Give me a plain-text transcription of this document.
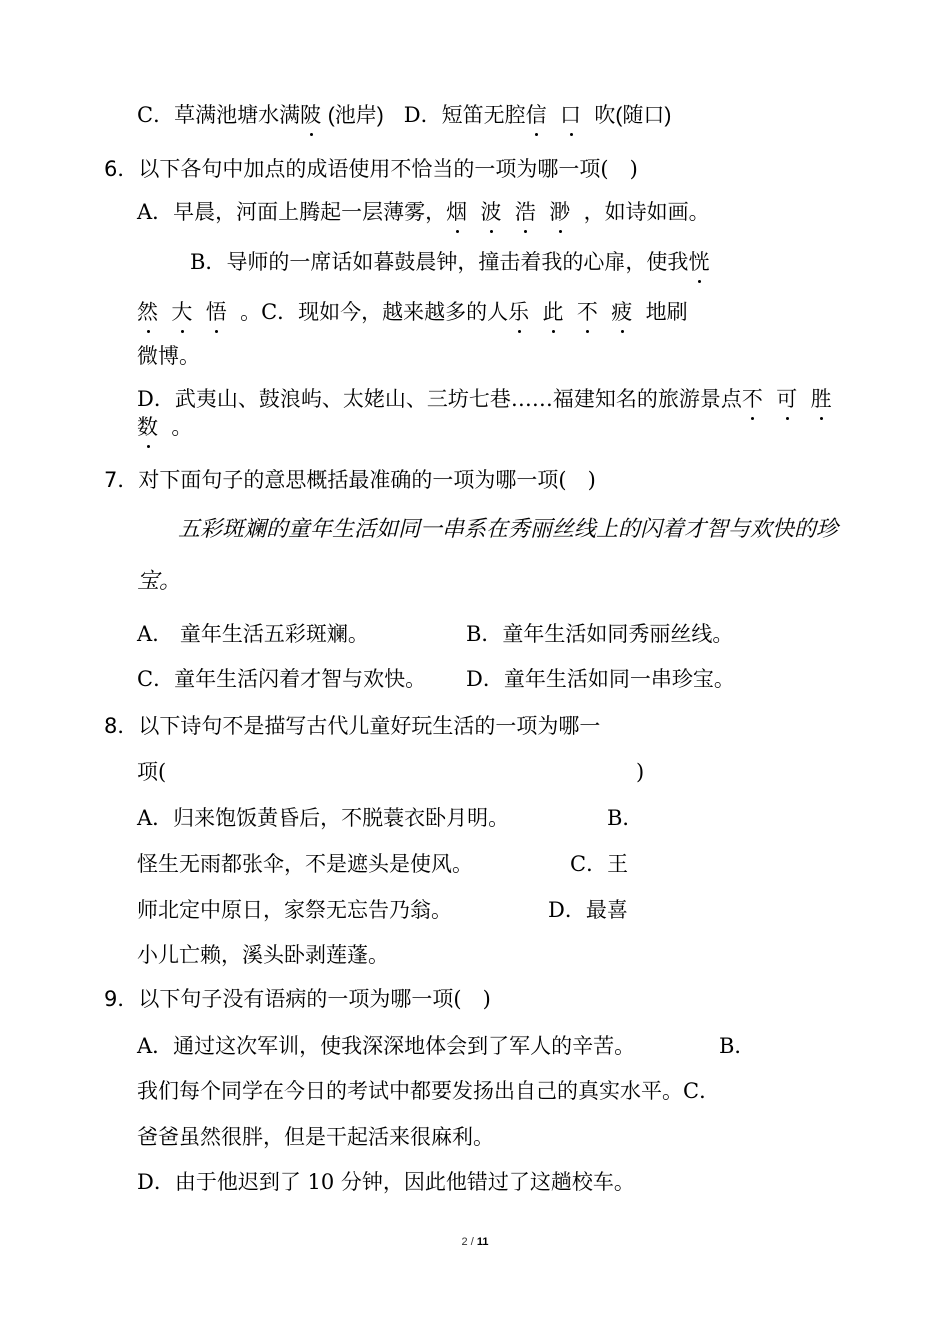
C．草满池塘水满陂 (池岸) D．短笛无腔信 口 吹(随口)
6．以下各句中加点的成语使用不恰当的一项为哪一项(　)
A．早晨，河面上腾起一层薄雾，烟 波 浩 渺 ，如诗如画。
B．导师的一席话如暮鼓晨钟，撞击着我的心扉，使我恍
然 大 悟 。C．现如今，越来越多的人乐 此 不 疲 地刷
微博。
D．武夷山、鼓浪屿、太姥山、三坊七巷……福建知名的旅游景点不 可 胜
数 。
7．对下面句子的意思概括最准确的一项为哪一项(　)
五彩斑斓的童年生活如同一串系在秀丽丝线上的闪着才智与欢快的珍
宝。
A.　童年生活五彩斑斓。	B．童年生活如同秀丽丝线。
C．童年生活闪着才智与欢快。 D．童年生活如同一串珍宝。
8．以下诗句不是描写古代儿童好玩生活的一项为哪一
项(	)
A．归来饱饭黄昏后，不脱蓑衣卧月明。	B．
怪生无雨都张伞，不是遮头是使风。	C．王
师北定中原日，家祭无忘告乃翁。	D．最喜
小儿亡赖，溪头卧剥莲蓬。
9．以下句子没有语病的一项为哪一项(　)
A．通过这次军训，使我深深地体会到了军人的辛苦。	B．
我们每个同学在今日的考试中都要发扬出自己的真实水平。C．
爸爸虽然很胖，但是干起活来很麻利。
D．由于他迟到了 10 分钟，因此他错过了这趟校车。
2 / 11
